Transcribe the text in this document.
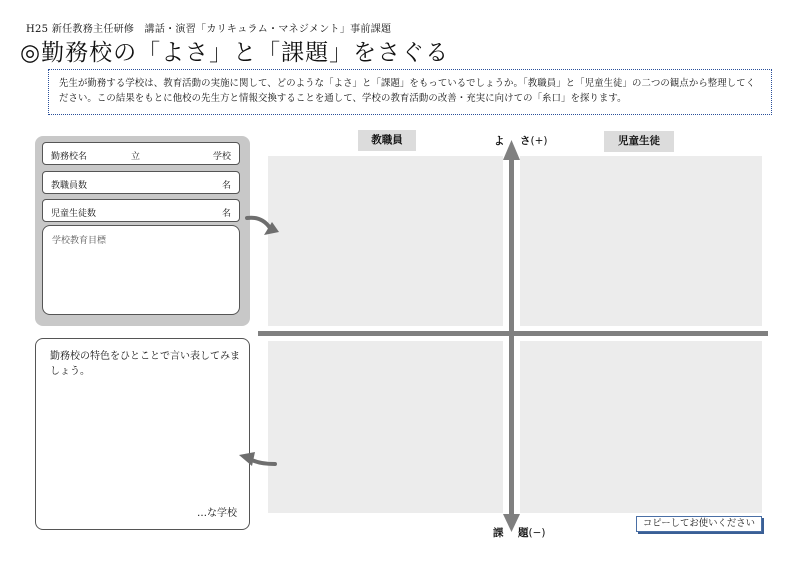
H25 新任教務主任研修　講話・演習「カリキュラム・マネジメント」事前課題
◎勤務校の「よさ」と「課題」をさぐる
先生が勤務する学校は、教育活動の実施に関して、どのような「よさ」と「課題」をもっているでしょうか。「教職員」と「児童生徒」の二つの観点から整理してください。この結果をもとに他校の先生方と情報交換することを通して、学校の教育活動の改善・充実に向けての「糸口」を探ります。
勤務校名	立	学校
教職員数	名
児童生徒数	名
学校教育目標
勤務校の特色をひとことで言い表してみましょう。
…な学校
教職員	児童生徒
よ さ(+)
課 題(−)
コピーしてお使いください
